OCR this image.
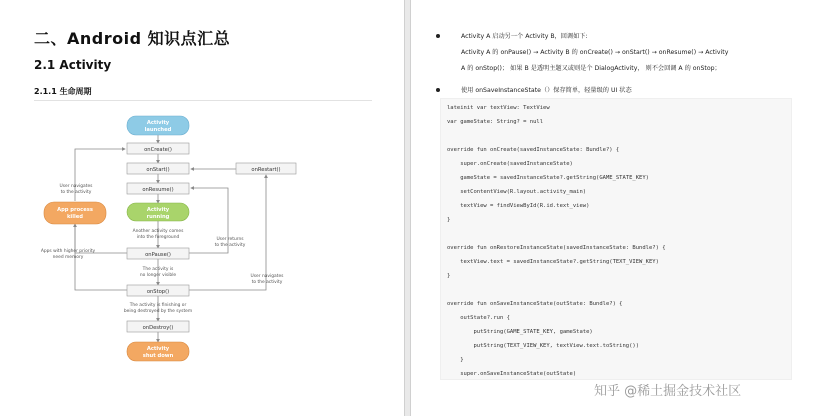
二、Android 知识点汇总
2.1 Activity
2.1.1 生命周期
Activity
launched
Activity
running
App process
killed
Activity
shut down
onCreate()
onStart()
onResume()
onPause()
onStop()
onDestroy()
onRestart()
User navigates
to the activity
Apps with higher priority
need memory
Another activity comes
into the foreground	User returns
to the activity
The activity is
no longer visible	User navigates
to the activity
The activity is finishing or
being destroyed by the system
Activity A 启动另一个 Activity B，回调如下:
Activity A 的 onPause() → Activity B 的 onCreate() → onStart() → onResume() → Activity
A 的 onStop()； 如果 B 是透明主题又或则是个 DialogActivity， 则不会回调 A 的 onStop；
使用 onSaveInstanceState（）保存简单，轻量级的 UI 状态
lateinit var textView: TextView
var gameState: String? = null
override fun onCreate(savedInstanceState: Bundle?) {
super.onCreate(savedInstanceState)
gameState = savedInstanceState?.getString(GAME_STATE_KEY)
setContentView(R.layout.activity_main)
textView = findViewById(R.id.text_view)
}
override fun onRestoreInstanceState(savedInstanceState: Bundle?) {
textView.text = savedInstanceState?.getString(TEXT_VIEW_KEY)
}
override fun onSaveInstanceState(outState: Bundle?) {
outState?.run {
putString(GAME_STATE_KEY, gameState)
putString(TEXT_VIEW_KEY, textView.text.toString())
}
super.onSaveInstanceState(outState)
知乎 @稀土掘金技术社区
